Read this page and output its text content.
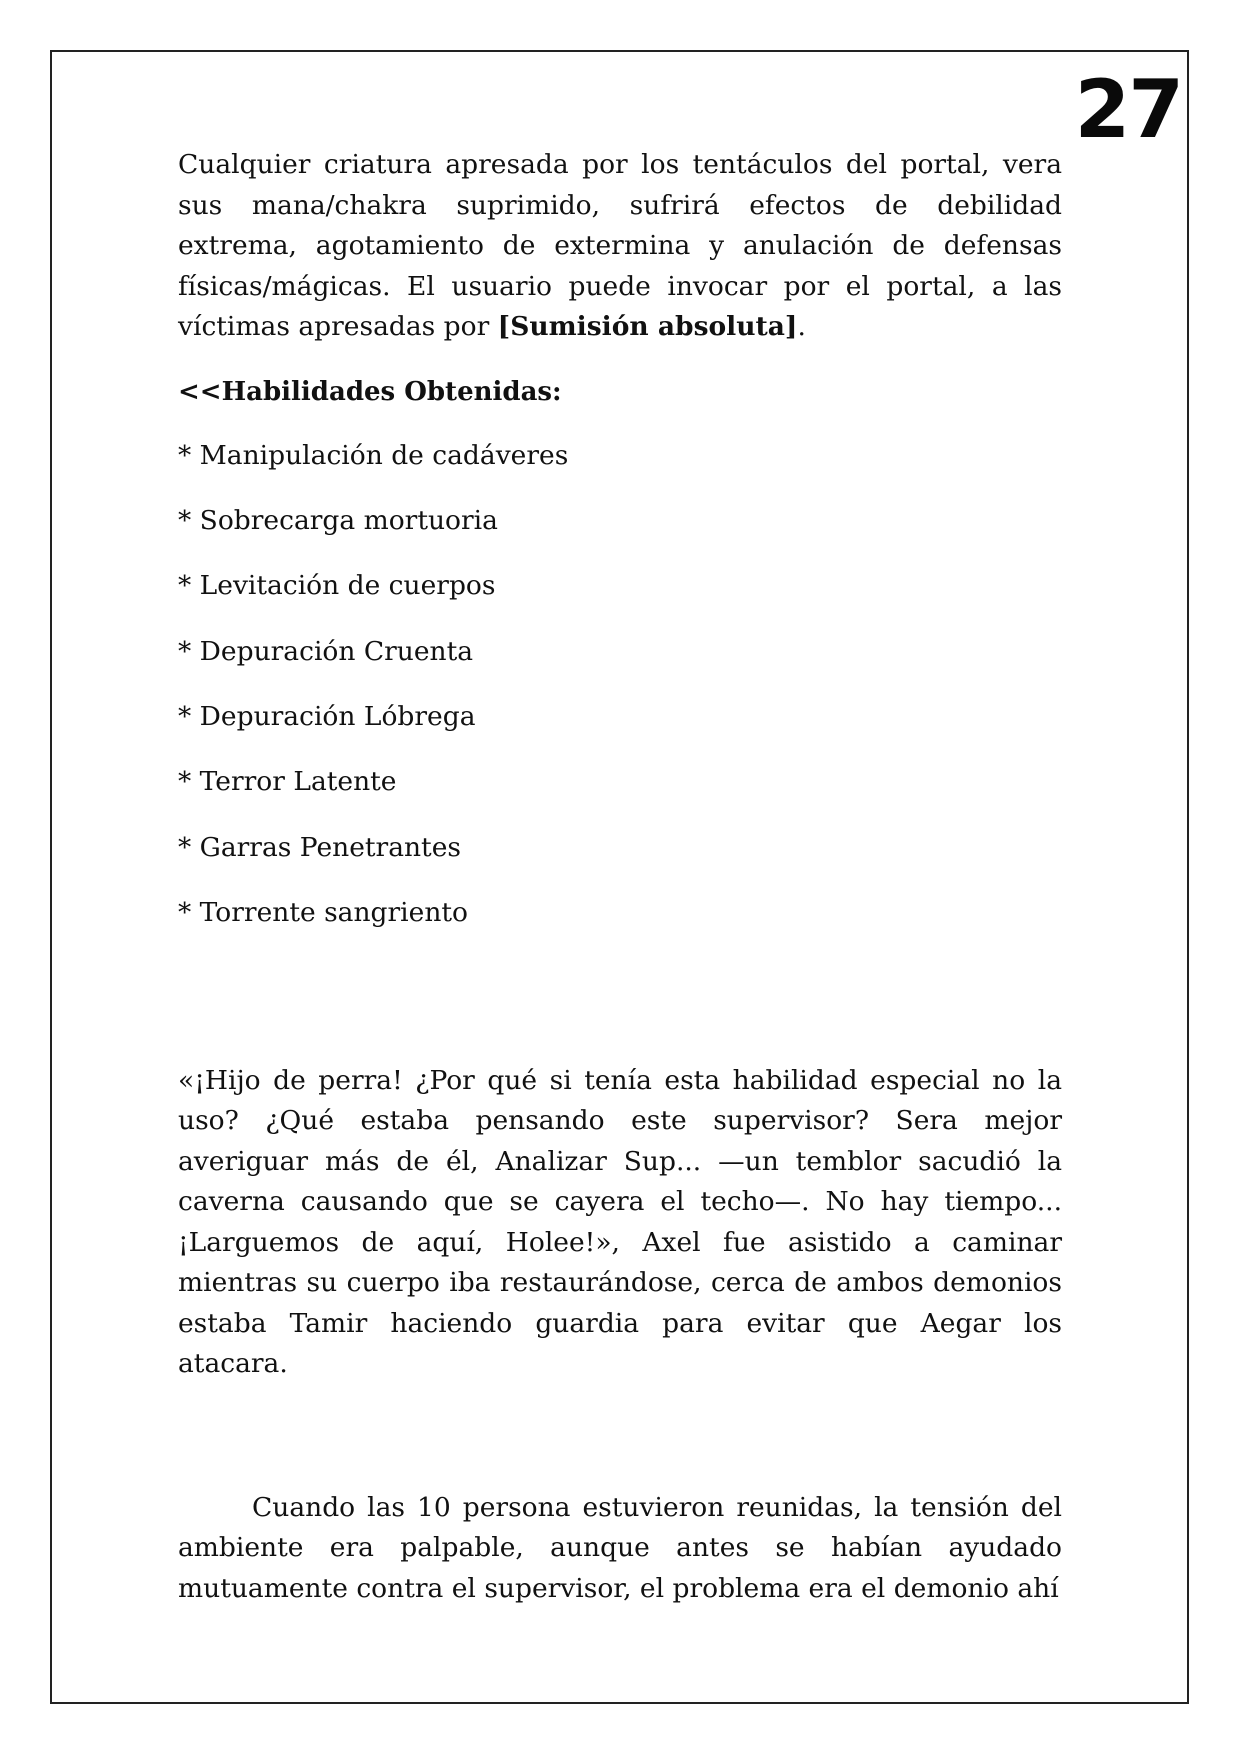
27

Cualquier criatura apresada por los tentáculos del portal, vera sus mana/chakra suprimido, sufrirá efectos de debilidad extrema, agotamiento de extermina y anulación de defensas físicas/mágicas. El usuario puede invocar por el portal, a las víctimas apresadas por [Sumisión absoluta].

<<Habilidades Obtenidas:
* Manipulación de cadáveres
* Sobrecarga mortuoria
* Levitación de cuerpos
* Depuración Cruenta
* Depuración Lóbrega
* Terror Latente
* Garras Penetrantes
* Torrente sangriento

«¡Hijo de perra! ¿Por qué si tenía esta habilidad especial no la uso? ¿Qué estaba pensando este supervisor? Sera mejor averiguar más de él, Analizar Sup... —un temblor sacudió la caverna causando que se cayera el techo—. No hay tiempo... ¡Larguemos de aquí, Holee!», Axel fue asistido a caminar mientras su cuerpo iba restaurándose, cerca de ambos demonios estaba Tamir haciendo guardia para evitar que Aegar los atacara.

Cuando las 10 persona estuvieron reunidas, la tensión del ambiente era palpable, aunque antes se habían ayudado mutuamente contra el supervisor, el problema era el demonio ahí
